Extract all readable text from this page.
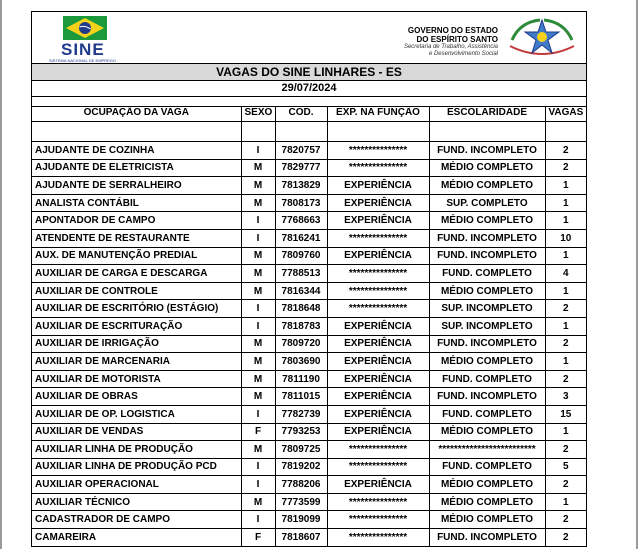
SINE
SISTEMA NACIONAL DE EMPREGO
GOVERNO DO ESTADO
DO ESPÍRITO SANTO
Secretaria de Trabalho, Assistência
e Desenvolvimento Social
VAGAS DO SINE LINHARES - ES
29/07/2024
OCUPAÇÃO DA VAGA	SEXO	COD.	EXP. NA FUNÇÃO	ESCOLARIDADE	VAGAS

AJUDANTE DE COZINHA	I	7820757	***************	FUND. INCOMPLETO	2
AJUDANTE DE ELETRICISTA	M	7829777	***************	MÉDIO COMPLETO	2
AJUDANTE DE SERRALHEIRO	M	7813829	EXPERIÊNCIA	MÉDIO COMPLETO	1
ANALISTA CONTÁBIL	M	7808173	EXPERIÊNCIA	SUP. COMPLETO	1
APONTADOR DE CAMPO	I	7768663	EXPERIÊNCIA	MÉDIO COMPLETO	1
ATENDENTE DE RESTAURANTE	I	7816241	***************	FUND. INCOMPLETO	10
AUX. DE MANUTENÇÃO PREDIAL	M	7809760	EXPERIÊNCIA	FUND. INCOMPLETO	1
AUXILIAR DE CARGA E DESCARGA	M	7788513	***************	FUND. COMPLETO	4
AUXILIAR DE CONTROLE	M	7816344	***************	MÉDIO COMPLETO	1
AUXILIAR DE ESCRITÓRIO (ESTÁGIO)	I	7818648	***************	SUP. INCOMPLETO	2
AUXILIAR DE ESCRITURAÇÃO	I	7818783	EXPERIÊNCIA	SUP. INCOMPLETO	1
AUXILIAR DE IRRIGAÇÃO	M	7809720	EXPERIÊNCIA	FUND. INCOMPLETO	2
AUXILIAR DE MARCENARIA	M	7803690	EXPERIÊNCIA	MÉDIO COMPLETO	1
AUXILIAR DE MOTORISTA	M	7811190	EXPERIÊNCIA	FUND. COMPLETO	2
AUXILIAR DE OBRAS	M	7811015	EXPERIÊNCIA	FUND. INCOMPLETO	3
AUXILIAR DE OP. LOGISTICA	I	7782739	EXPERIÊNCIA	FUND. COMPLETO	15
AUXILIAR DE VENDAS	F	7793253	EXPERIÊNCIA	MÉDIO COMPLETO	1
AUXILIAR LINHA DE PRODUÇÃO	M	7809725	***************	*************************	2
AUXILIAR LINHA DE PRODUÇÃO PCD	I	7819202	***************	FUND. COMPLETO	5
AUXILIAR OPERACIONAL	I	7788206	EXPERIÊNCIA	MÉDIO COMPLETO	2
AUXILIAR TÉCNICO	M	7773599	***************	MÉDIO COMPLETO	1
CADASTRADOR DE CAMPO	I	7819099	***************	MÉDIO COMPLETO	2
CAMAREIRA	F	7818607	***************	FUND. INCOMPLETO	2
